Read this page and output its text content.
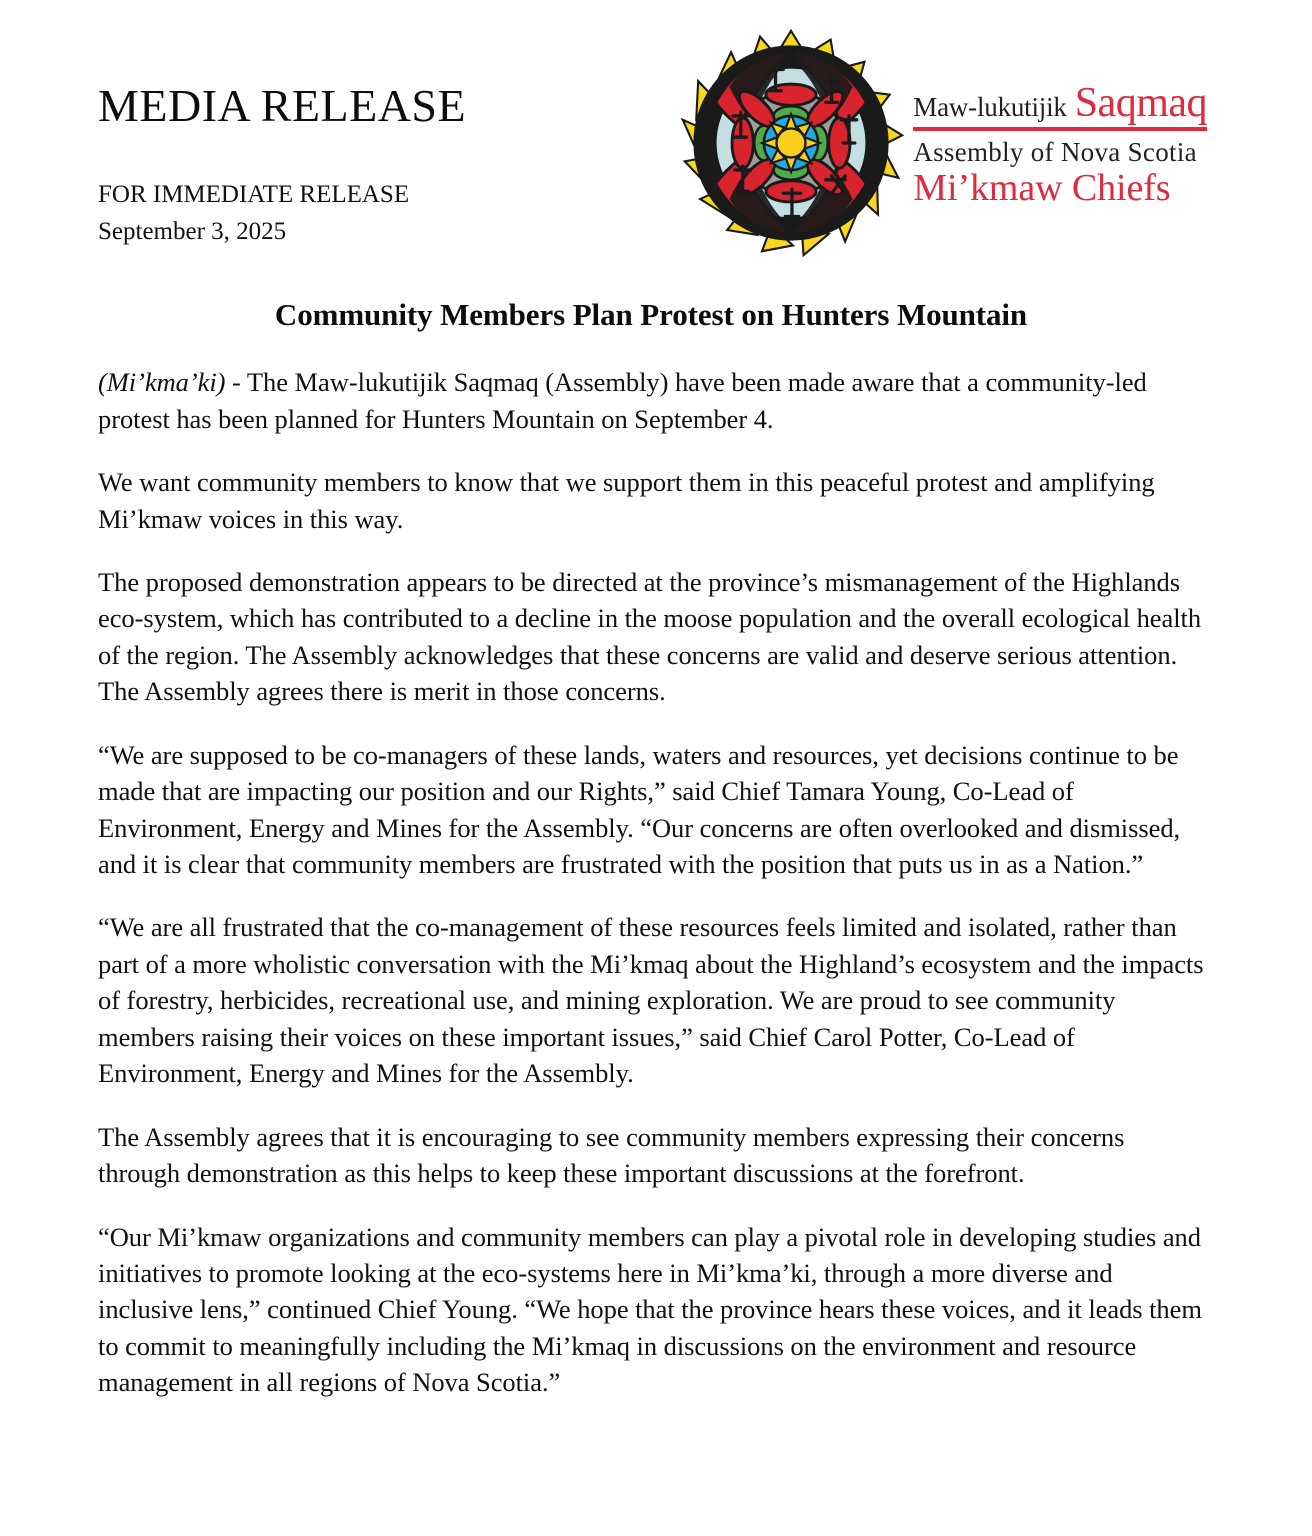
MEDIA RELEASE
FOR IMMEDIATE RELEASE
September 3, 2025
Maw-lukutijik Saqmaq
Assembly of Nova Scotia
Mi’kmaw Chiefs
Community Members Plan Protest on Hunters Mountain

(Mi’kma’ki) - The Maw-lukutijik Saqmaq (Assembly) have been made aware that a community-led protest has been planned for Hunters Mountain on September 4.

We want community members to know that we support them in this peaceful protest and amplifying Mi’kmaw voices in this way.

The proposed demonstration appears to be directed at the province’s mismanagement of the Highlands eco-system, which has contributed to a decline in the moose population and the overall ecological health of the region. The Assembly acknowledges that these concerns are valid and deserve serious attention. The Assembly agrees there is merit in those concerns.

“We are supposed to be co-managers of these lands, waters and resources, yet decisions continue to be made that are impacting our position and our Rights,” said Chief Tamara Young, Co-Lead of Environment, Energy and Mines for the Assembly. “Our concerns are often overlooked and dismissed, and it is clear that community members are frustrated with the position that puts us in as a Nation.”

“We are all frustrated that the co-management of these resources feels limited and isolated, rather than part of a more wholistic conversation with the Mi’kmaq about the Highland’s ecosystem and the impacts of forestry, herbicides, recreational use, and mining exploration. We are proud to see community members raising their voices on these important issues,” said Chief Carol Potter, Co-Lead of Environment, Energy and Mines for the Assembly.

The Assembly agrees that it is encouraging to see community members expressing their concerns through demonstration as this helps to keep these important discussions at the forefront.

“Our Mi’kmaw organizations and community members can play a pivotal role in developing studies and initiatives to promote looking at the eco-systems here in Mi’kma’ki, through a more diverse and inclusive lens,” continued Chief Young. “We hope that the province hears these voices, and it leads them to commit to meaningfully including the Mi’kmaq in discussions on the environment and resource management in all regions of Nova Scotia.”
